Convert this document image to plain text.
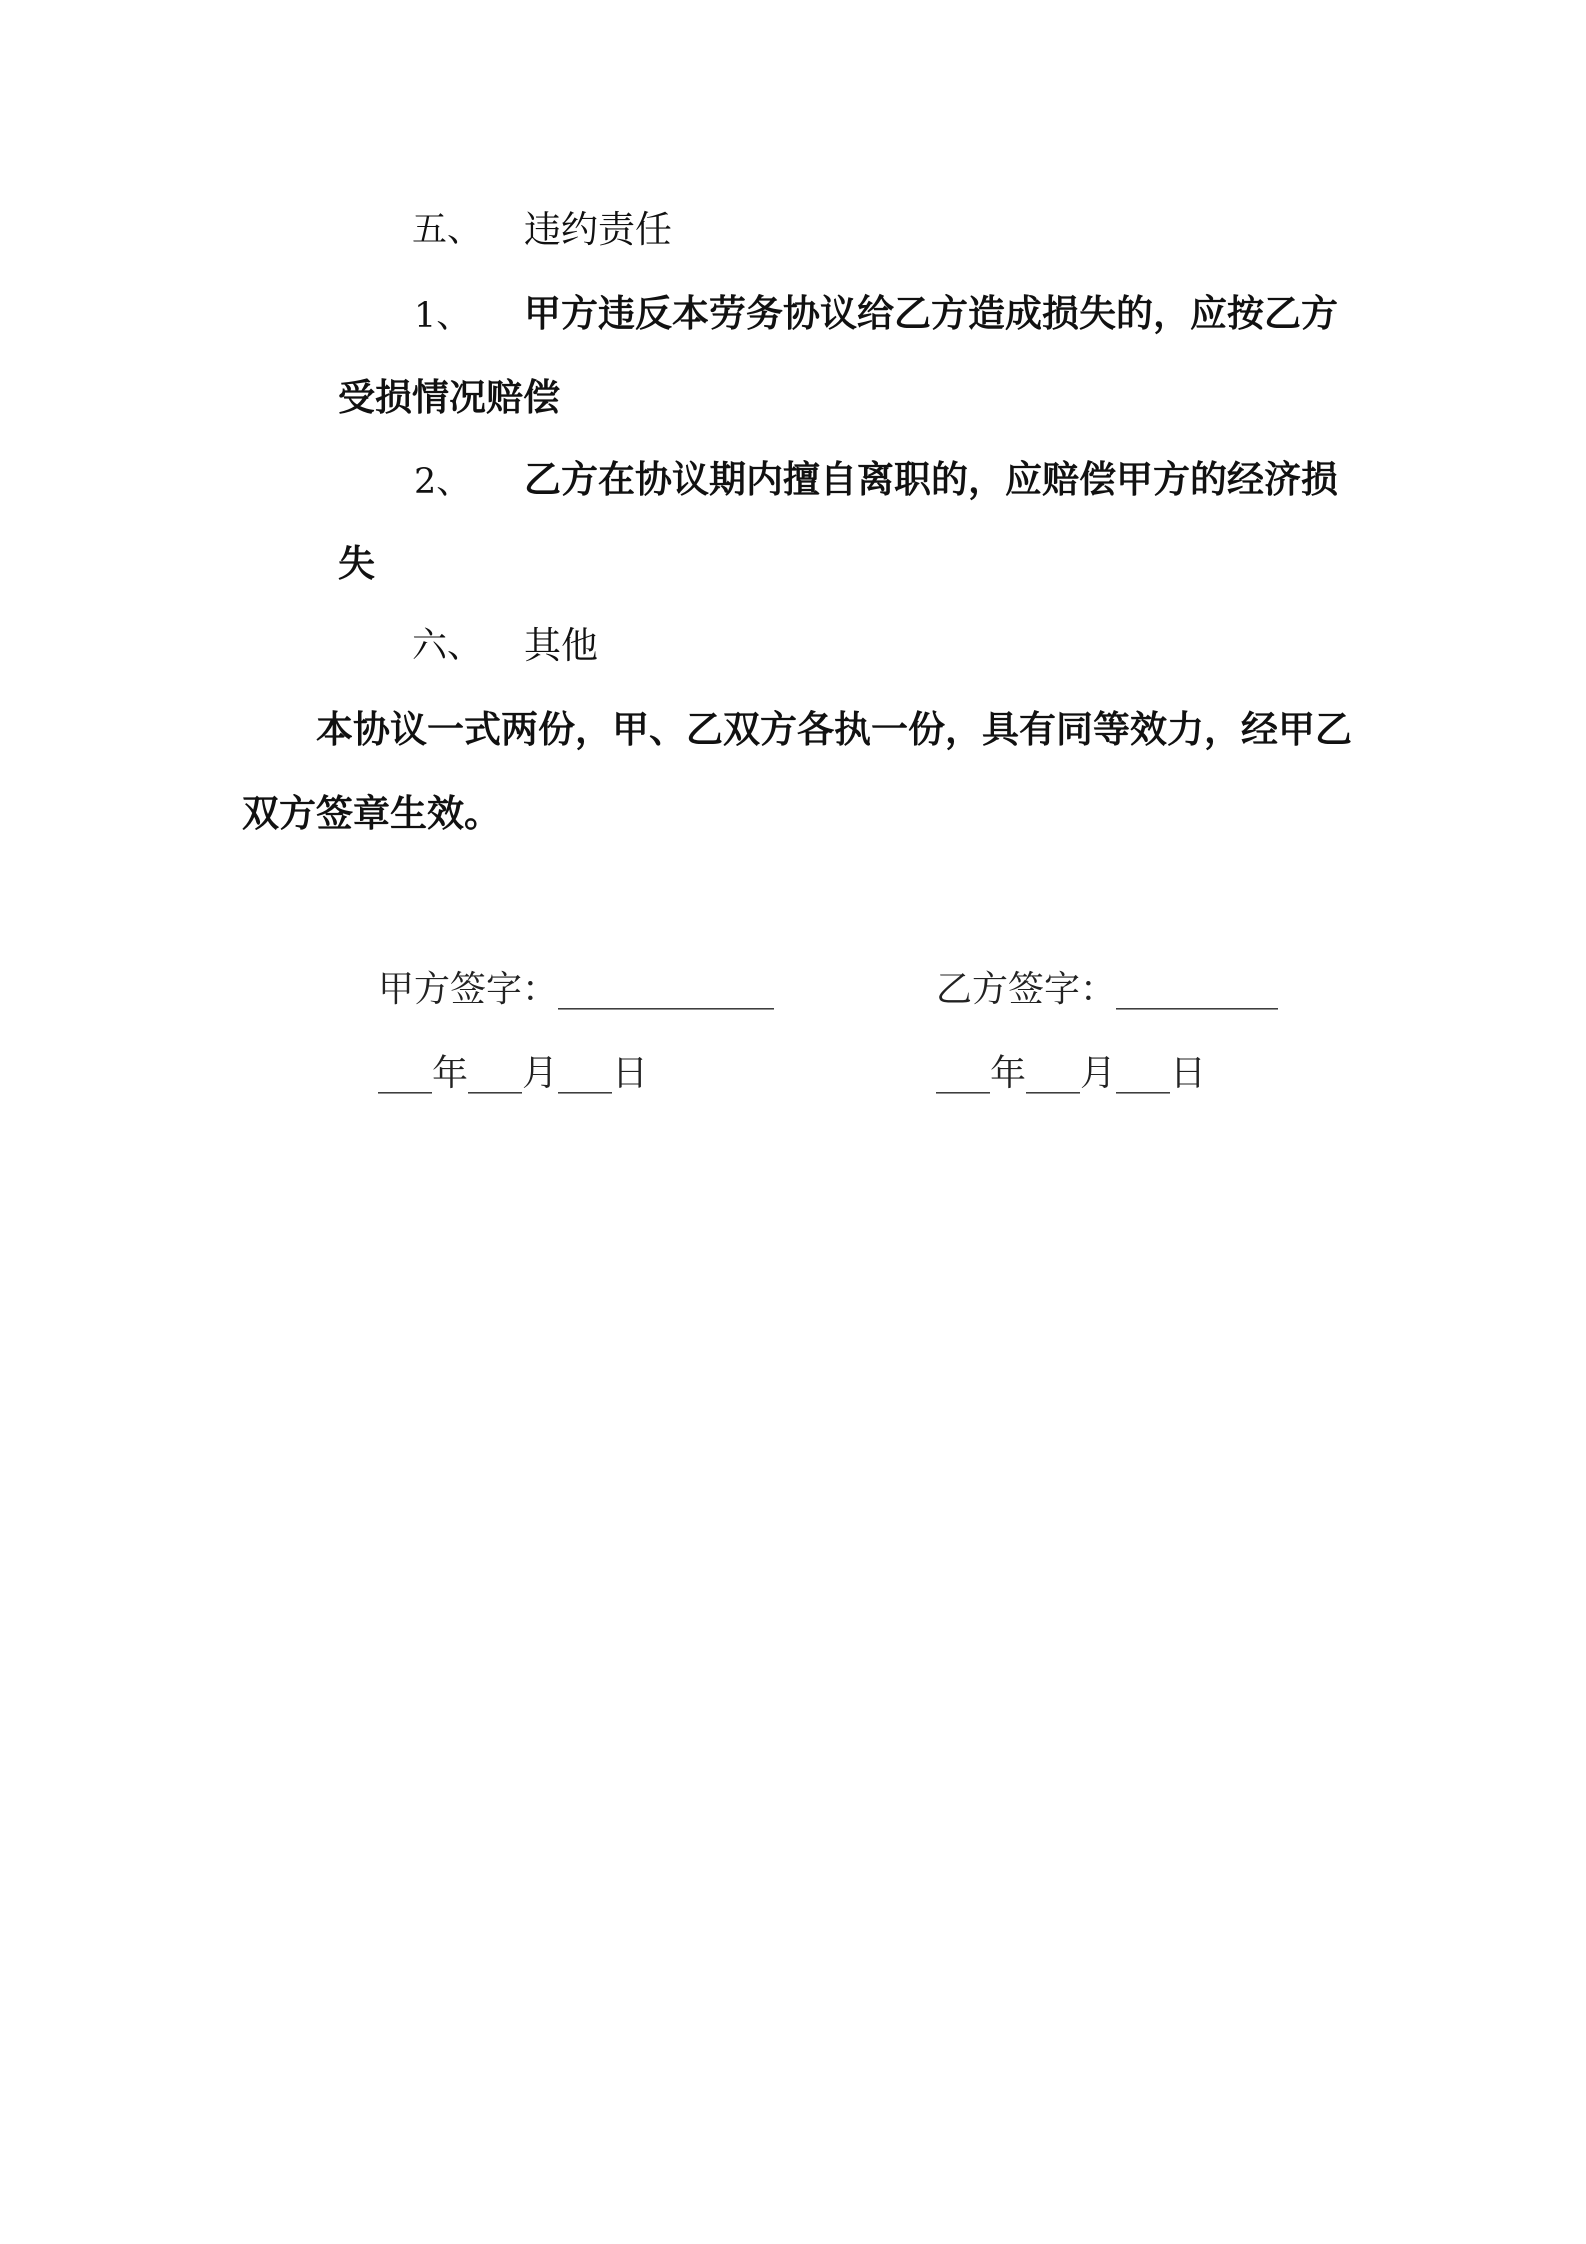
五、 违约责任
1、 甲方违反本劳务协议给乙方造成损失的，应按乙方
受损情况赔偿
2、 乙方在协议期内擅自离职的，应赔偿甲方的经济损
失
六、 其他
本协议一式两份，甲、乙双方各执一份，具有同等效力，经甲乙
双方签章生效。
甲方签字：____________	乙方签字：_________
___年___月___日	___年___月___日
